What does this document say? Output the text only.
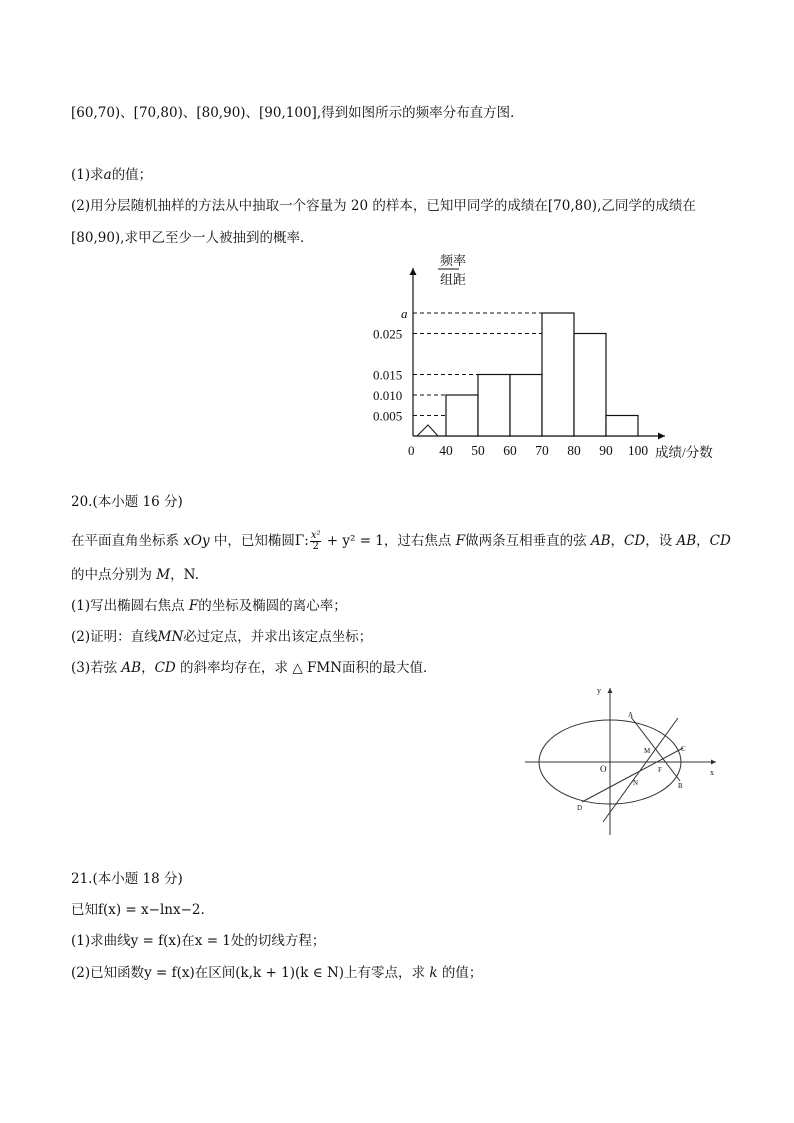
[60,70)、[70,80)、[80,90)、[90,100],得到如图所示的频率分布直方图．
(1)求a的值；
(2)用分层随机抽样的方法从中抽取一个容量为 20 的样本，已知甲同学的成绩在[70,80),乙同学的成绩在
[80,90),求甲乙至少一人被抽到的概率．
频率
组距
0	成绩/分数
a
0.025
0.015
0.010
0.005
40 50 60 70 80 90 100
20.(本小题 16 分)
在平面直角坐标系 xOy 中，已知椭圆Γ: $\frac{\text{x²}}{2} + y^2 = 1$，过右焦点 F做两条互相垂直的弦 AB，CD，设 AB，CD
的中点分别为 M，N.
(1)写出椭圆右焦点 F的坐标及椭圆的离心率；
(2)证明：直线MN必过定点，并求出该定点坐标；
(3)若弦 AB，CD 的斜率均存在，求 △ FMN面积的最大值．
y
x
O
A
B
C
D
M
N
F
21.(本小题 18 分)
已知f(x) = x−lnx−2.
(1)求曲线y = f(x)在x = 1处的切线方程；
(2)已知函数y = f(x)在区间(k,k + 1)(k ∈ N)上有零点，求 k 的值；
